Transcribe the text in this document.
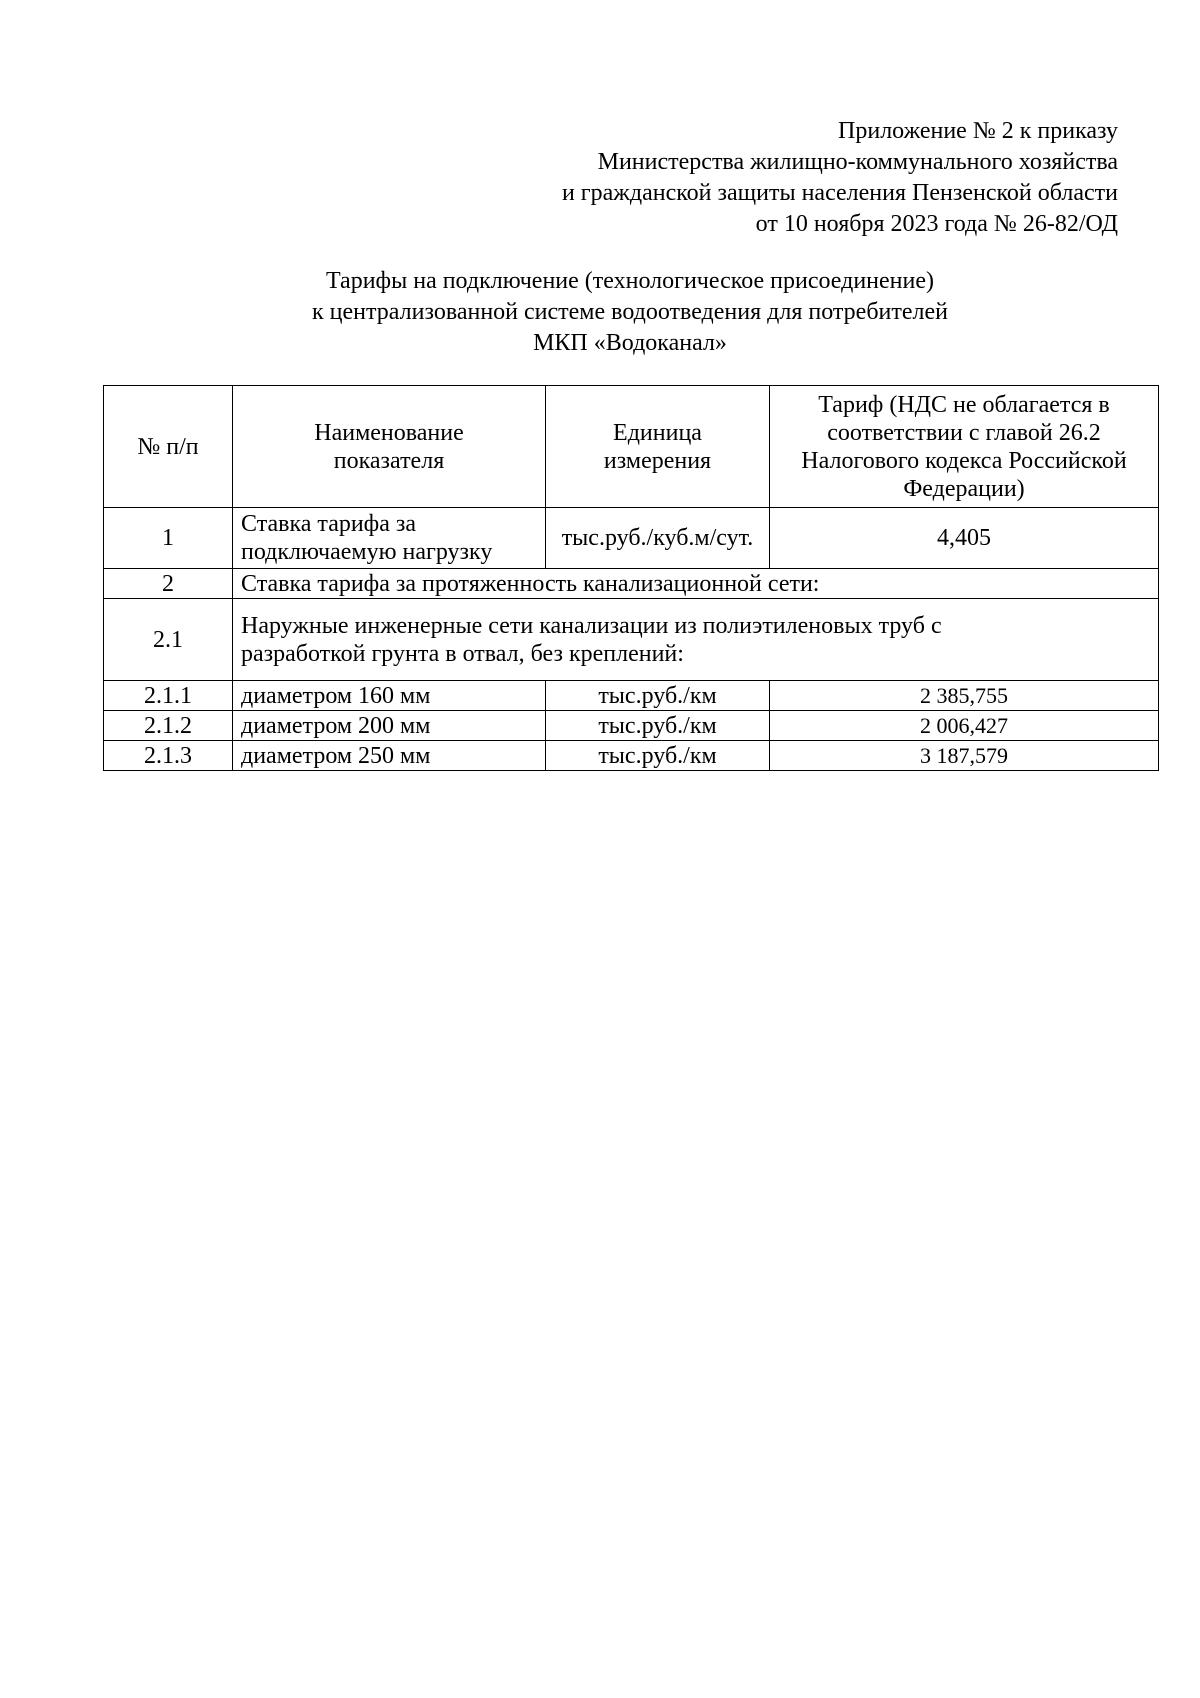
Приложение № 2 к приказу
Министерства жилищно-коммунального хозяйства
и гражданской защиты населения Пензенской области
от 10 ноября 2023 года № 26-82/ОД
Тарифы на подключение (технологическое присоединение)
к централизованной системе водоотведения для потребителей
МКП «Водоканал»
№ п/п	Наименование показателя	Единица измерения	Тариф (НДС не облагается в соответствии с главой 26.2 Налогового кодекса Российской Федерации)
1	Ставка тарифа за подключаемую нагрузку	тыс.руб./куб.м/сут.	4,405
2	Ставка тарифа за протяженность канализационной сети:		
2.1	Наружные инженерные сети канализации из полиэтиленовых труб с разработкой грунта в отвал, без креплений:		
2.1.1	диаметром 160 мм	тыс.руб./км	2 385,755
2.1.2	диаметром 200 мм	тыс.руб./км	2 006,427
2.1.3	диаметром 250 мм	тыс.руб./км	3 187,579
